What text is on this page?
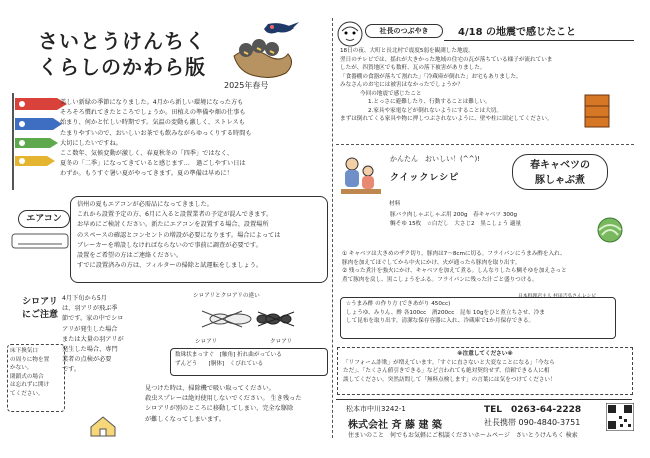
さいとうけんちく
くらしのかわら版
2025年春号
美しい新緑の季節になりました。4月から新しい環境になった方も
そろそろ慣れてきたところでしょうか。田植えの準備や畑の仕事も
始まり、何かと忙しい時期です。気温の変動も激しく、ストレスも
たまりやすいので、おいしいお茶でも飲みながらゆっくりする時間も
大切にしたいですね。
ここ数年、気候変動が激しく、春夏秋冬の「四季」ではなく、
夏冬の「二季」になってきていると感じます…　過ごしやすい日は
わずか。もうすぐ暑い夏がやってきます。夏の準備は早めに！
エアコン
信州の夏もエアコンが必需品になってきました。
これから設置予定の方、6月に入ると設置業者の予定が混んできます。
お早めにご検討ください。新たにエアコンを設置する場合、設置場所
のスペースの確認とコンセントの増設が必要になります。場合によっては
ブレーカーを増設しなければならないので事前に調査が必要です。
設置をご希望の方はご連絡ください。
すでに設置済みの方は、フィルターの掃除と試運転をしましょう。
シロアリ
にご注意
4月下旬から5月
は、羽アリが飛ぶ季
節です。家の中でシロ
アリが発生した場合
または大量の羽アリが
発生した場合、専門
業者の点検が必要
です。
シロアリとクロアリの違い
シロアリ	クロアリ
数珠状まっすぐ　[触角] 折れ曲がっている
ずんどう　　[胴体]　くびれている
見つけた時は、掃除機で吸い取ってください。
殺虫スプレーは絶対使用しないでください。 生き残った
シロアリが別のところに移動してしまい、完全な駆除
が難しくなってしまいます。
床下換気口
の周りに物を置
かない。
閉鎖式の場合
は忘れずに開け
てください。
社長のつぶやき	4/18 の地震で感じたこと
18日の夜、大町と長北村で震度5弱を観測した地震。
翌日のテレビでは、揺れが大きかった地域の住宅の瓦が落ちている様子が流れていま
したが、四賀地区でも数軒、瓦の落下被害がありました。
「食器棚の食器が落ちて割れた」「冷蔵庫が倒れた」お宅もありました。
みなさんのお宅には被害はなかったでしょうか？
今回の地震で感じたこと
1.とっさに避難したり、行動することは難しい。
2.家具や家電などが倒れないようにすることは大切。
まずは倒れてくる家具や物に押しつぶされないように、壁や柱に固定してください。
かんたん　おいしい！(^^)!
クイックレシピ
春キャベツの
豚しゃぶ煮
材料
豚バラ肉しゃぶしゃぶ用 200g　春キャベツ 300g
鯛そゆ 15枚　☆白だし　大さじ2　黒こしょう 適量
① キャベツは大きめのザク切り。豚肉は7〜8cmに切る。フライパンにうまみ酢を入れ、
豚肉を加えてほぐしてから中火にかけ、火が通ったら豚肉を取り出す。
② 残った煮汁を強火にかけ、キャベツを加えて煮る。しんなりしたら鯛そゆを加えさっと
煮て豚肉を戻し、黒こしょうをふる。フライパンに残った汁ごと盛りつける。
☆うまみ酢 の作り方 (できあがり 450cc)
しょうゆ、みりん、酢 各100cc　酒200cc　昆布 10gをひと煮立ちさせ、冷ま
して昆布を取り出す。清潔な保存容器に入れ、冷蔵庫で1か月保存できる。
※注意してください※
「リフォーム詐欺」が増えています。「すぐに直さないと大変なことになる」「今なら
ただ」、「たくさん値引きできる」など言われても絶対契約せず、信頼できる人に相
談してください。突然訪問して「無料点検します」の言葉には気をつけてください！
松本市中川3242-1	TEL　0263-64-2228
株式会社 斉 藤 建 築	社長携帯 090-4840-3751
住まいのこと　何でもお気軽にご相談ください ホームページ　さいとうけんちく 検索
